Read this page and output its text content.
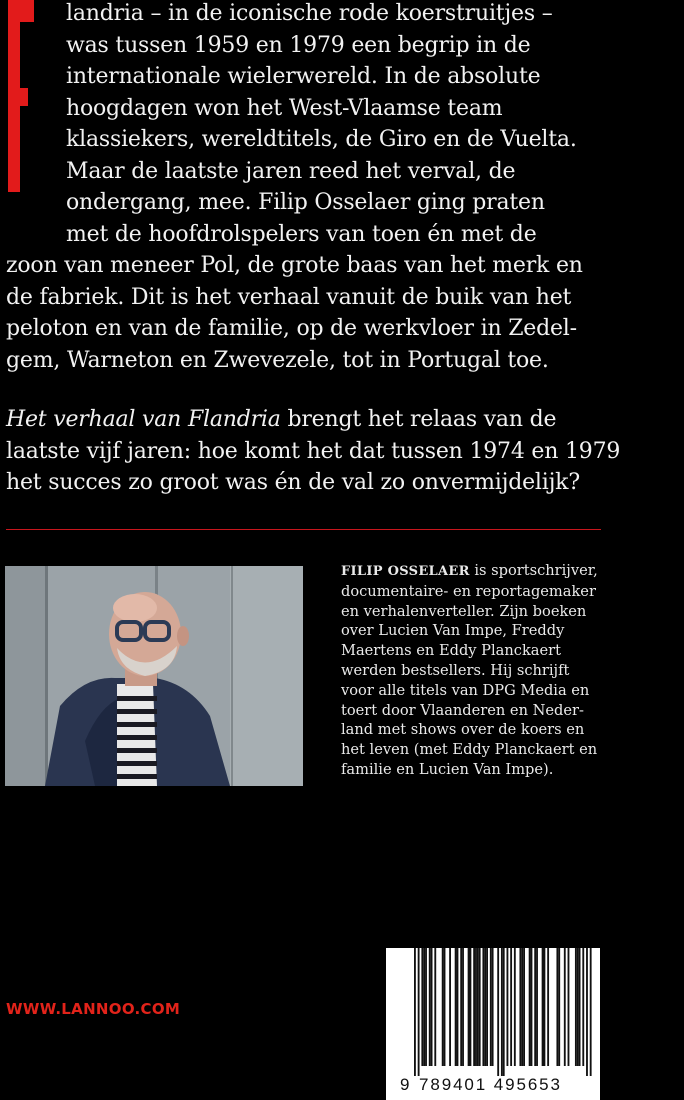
landria – in de iconische rode koerstruitjes –
was tussen 1959 en 1979 een begrip in de
internationale wielerwereld. In de absolute
hoogdagen won het West-Vlaamse team
klassiekers, wereldtitels, de Giro en de Vuelta.
Maar de laatste jaren reed het verval, de
ondergang, mee. Filip Osselaer ging praten
met de hoofdrolspelers van toen én met de
zoon van meneer Pol, de grote baas van het merk en
de fabriek. Dit is het verhaal vanuit de buik van het
peloton en van de familie, op de werkvloer in Zedel-
gem, Warneton en Zwevezele, tot in Portugal toe.
Het verhaal van Flandria brengt het relaas van de
laatste vijf jaren: hoe komt het dat tussen 1974 en 1979
het succes zo groot was én de val zo onvermijdelijk?
FILIP OSSELAER is sportschrijver,
documentaire- en reportagemaker
en verhalenverteller. Zijn boeken
over Lucien Van Impe, Freddy
Maertens en Eddy Planckaert
werden bestsellers. Hij schrijft
voor alle titels van DPG Media en
toert door Vlaanderen en Neder-
land met shows over de koers en
het leven (met Eddy Planckaert en
familie en Lucien Van Impe).
WWW.LANNOO.COM
9 789401 495653
